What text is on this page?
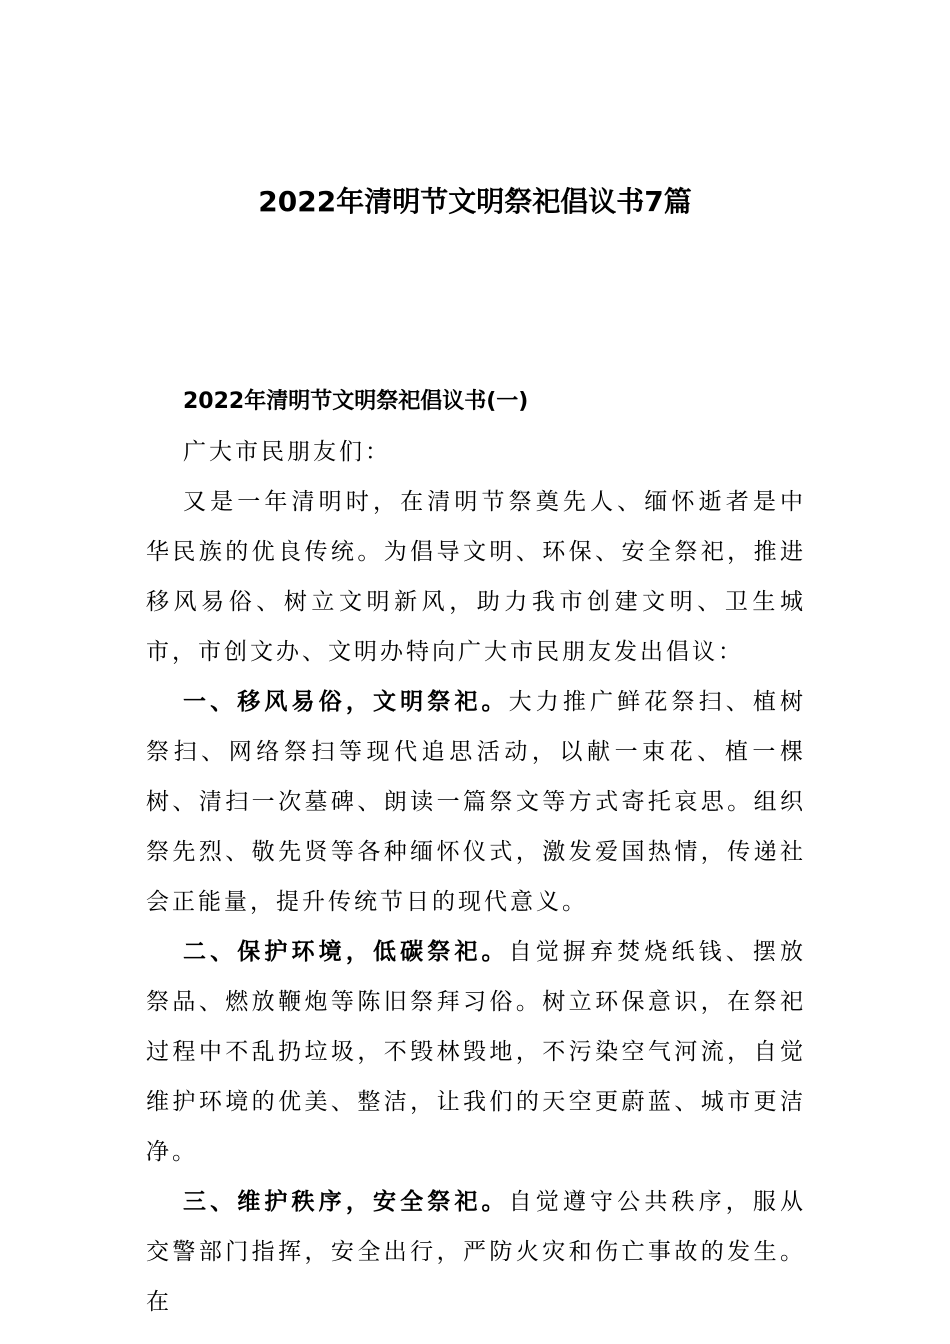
2022年清明节文明祭祀倡议书7篇

2022年清明节文明祭祀倡议书(一)

广大市民朋友们：

又是一年清明时，在清明节祭奠先人、缅怀逝者是中华民族的优良传统。为倡导文明、环保、安全祭祀，推进移风易俗、树立文明新风，助力我市创建文明、卫生城市，市创文办、文明办特向广大市民朋友发出倡议：

一、移风易俗，文明祭祀。大力推广鲜花祭扫、植树祭扫、网络祭扫等现代追思活动，以献一束花、植一棵树、清扫一次墓碑、朗读一篇祭文等方式寄托哀思。组织祭先烈、敬先贤等各种缅怀仪式，激发爱国热情，传递社会正能量，提升传统节日的现代意义。

二、保护环境，低碳祭祀。自觉摒弃焚烧纸钱、摆放祭品、燃放鞭炮等陈旧祭拜习俗。树立环保意识，在祭祀过程中不乱扔垃圾，不毁林毁地，不污染空气河流，自觉维护环境的优美、整洁，让我们的天空更蔚蓝、城市更洁净。

三、维护秩序，安全祭祀。自觉遵守公共秩序，服从交警部门指挥，安全出行，严防火灾和伤亡事故的发生。在
